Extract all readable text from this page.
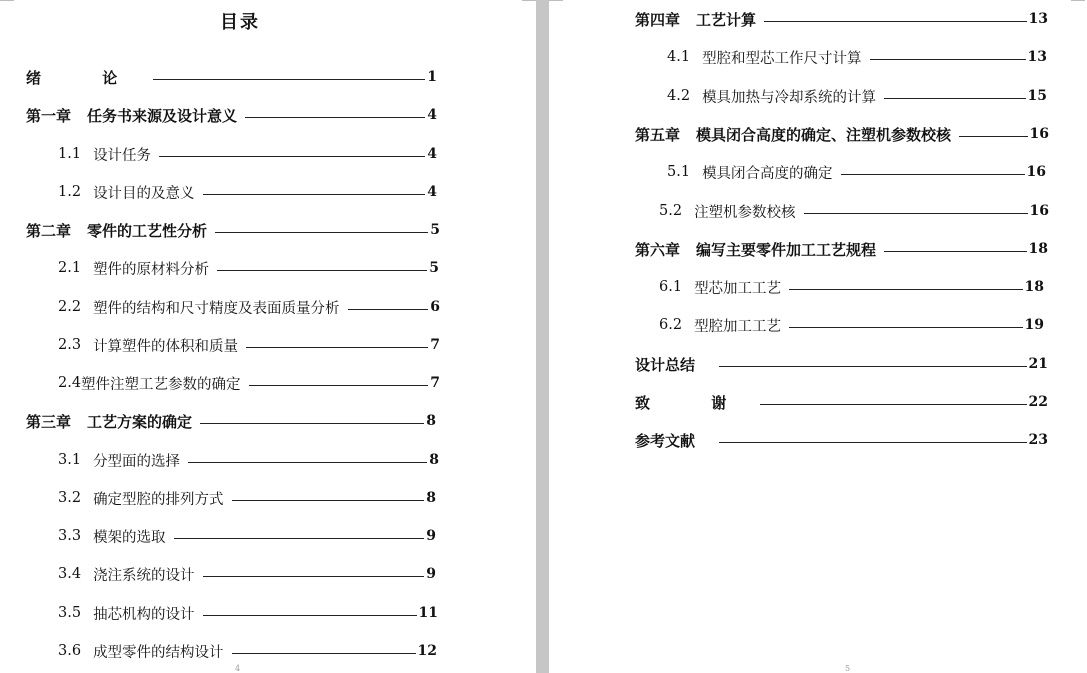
目录
绪 论	1
第一章 任务书来源及设计意义	4
1.1 设计任务	4
1.2 设计目的及意义	4
第二章 零件的工艺性分析	5
2.1 塑件的原材料分析	5
2.2 塑件的结构和尺寸精度及表面质量分析	6
2.3 计算塑件的体积和质量	7
2.4 塑件注塑工艺参数的确定	7
第三章 工艺方案的确定	8
3.1 分型面的选择	8
3.2 确定型腔的排列方式	8
3.3 模架的选取	9
3.4 浇注系统的设计	9
3.5 抽芯机构的设计	11
3.6 成型零件的结构设计	12
4
第四章 工艺计算	13
4.1 型腔和型芯工作尺寸计算	13
4.2 模具加热与冷却系统的计算	15
第五章 模具闭合高度的确定、注塑机参数校核	16
5.1 模具闭合高度的确定	16
5.2 注塑机参数校核	16
第六章 编写主要零件加工工艺规程	18
6.1 型芯加工工艺	18
6.2 型腔加工工艺	19
设计总结	21
致 谢	22
参考文献	23
5
